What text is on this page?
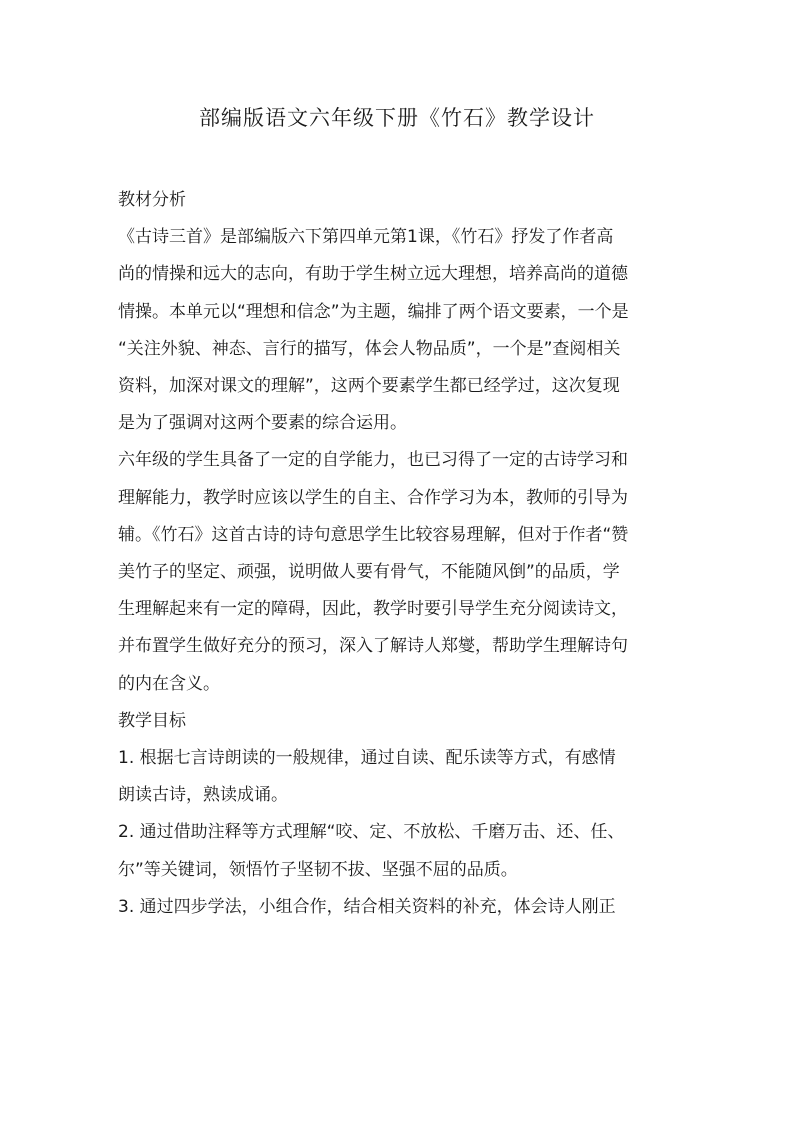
部编版语文六年级下册《竹石》教学设计
教材分析

《古诗三首》是部编版六下第四单元第1课，《竹石》抒发了作者高
尚的情操和远大的志向，有助于学生树立远大理想，培养高尚的道德
情操。本单元以“理想和信念”为主题，编排了两个语文要素，一个是
“关注外貌、神态、言行的描写，体会人物品质”，一个是”查阅相关
资料，加深对课文的理解”，这两个要素学生都已经学过，这次复现
是为了强调对这两个要素的综合运用。

六年级的学生具备了一定的自学能力，也已习得了一定的古诗学习和
理解能力，教学时应该以学生的自主、合作学习为本，教师的引导为
辅。《竹石》这首古诗的诗句意思学生比较容易理解，但对于作者“赞
美竹子的坚定、顽强，说明做人要有骨气，不能随风倒”的品质，学
生理解起来有一定的障碍，因此，教学时要引导学生充分阅读诗文，
并布置学生做好充分的预习，深入了解诗人郑燮，帮助学生理解诗句
的内在含义。

教学目标

1. 根据七言诗朗读的一般规律，通过自读、配乐读等方式，有感情
朗读古诗，熟读成诵。

2. 通过借助注释等方式理解“咬、定、不放松、千磨万击、还、任、
尔”等关键词，领悟竹子坚韧不拔、坚强不屈的品质。

3. 通过四步学法，小组合作，结合相关资料的补充，体会诗人刚正
